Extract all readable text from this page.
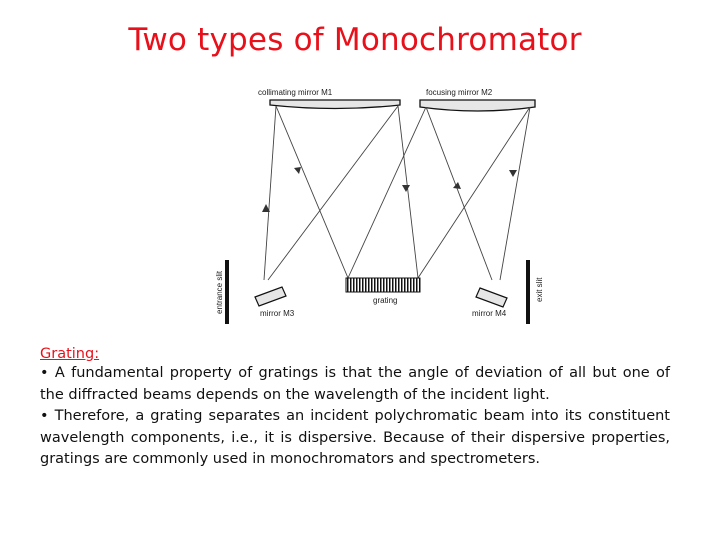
Two types of Monochromator
collimating mirror M1	focusing mirror M2
grating
mirror M3	mirror M4
entrance slit	exit slit
Grating:
• A fundamental property of gratings is that the angle of deviation of all but one of the diffracted beams depends on the wavelength of the incident light.
• Therefore, a grating separates an incident polychromatic beam into its constituent wavelength components, i.e., it is dispersive. Because of their dispersive properties, gratings are commonly used in monochromators and spectrometers.
